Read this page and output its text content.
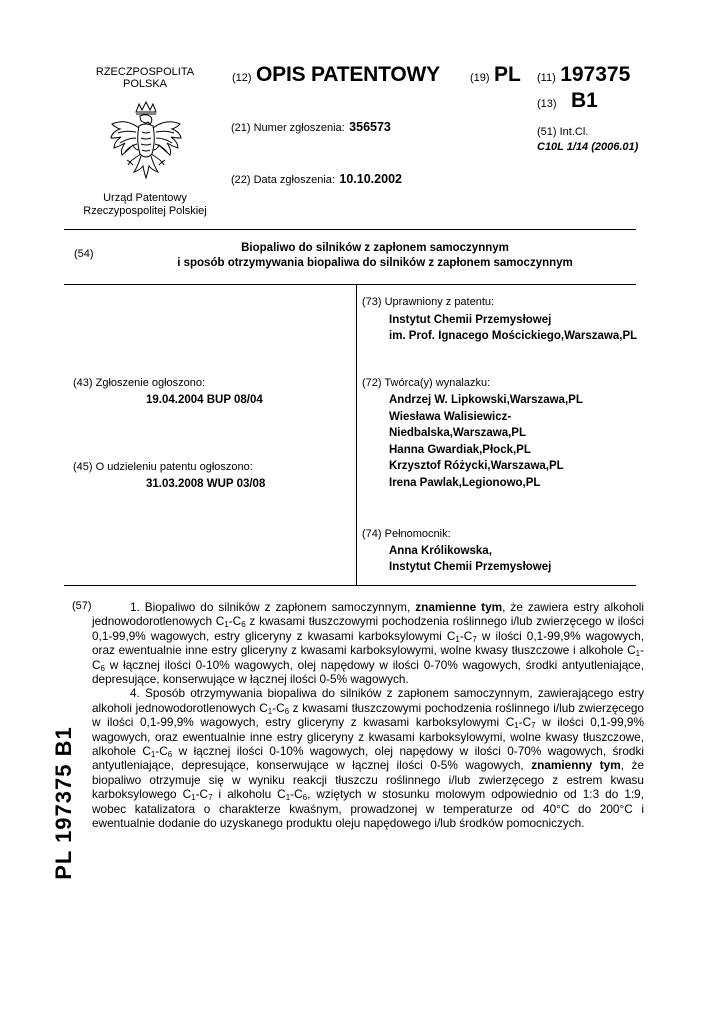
RZECZPOSPOLITA
POLSKA
Urząd Patentowy
Rzeczypospolitej Polskiej
(12) OPIS PATENTOWY	(19) PL (11) 197375
(13) B1
(21) Numer zgłoszenia: 356573	(51) Int.Cl.
C10L 1/14 (2006.01)
(22) Data zgłoszenia: 10.10.2002
(54)	Biopaliwo do silników z zapłonem samoczynnym
i sposób otrzymywania biopaliwa do silników z zapłonem samoczynnym
(43) Zgłoszenie ogłoszono:
19.04.2004 BUP 08/04
(45) O udzieleniu patentu ogłoszono:
31.03.2008 WUP 03/08
(73) Uprawniony z patentu:
Instytut Chemii Przemysłowej
im. Prof. Ignacego Mościckiego,Warszawa,PL
(72) Twórca(y) wynalazku:
Andrzej W. Lipkowski,Warszawa,PL
Wiesława Walisiewicz-
Niedbalska,Warszawa,PL
Hanna Gwardiak,Płock,PL
Krzysztof Różycki,Warszawa,PL
Irena Pawlak,Legionowo,PL
(74) Pełnomocnik:
Anna Królikowska,
Instytut Chemii Przemysłowej
(57)	1. Biopaliwo do silników z zapłonem samoczynnym, znamienne tym, że zawiera estry alkoholi jednowodorotlenowych $C_1-C_6$ z kwasami tłuszczowymi pochodzenia roślinnego i/lub zwierzęcego w ilości 0,1-99,9% wagowych, estry gliceryny z kwasami karboksylowymi $C_1-C_7$ w ilości 0,1-99,9% wagowych, oraz ewentualnie inne estry gliceryny z kwasami karboksylowymi, wolne kwasy tłuszczowe i alkohole $C_1-C_6$ w łącznej ilości 0-10% wagowych, olej napędowy w ilości 0-70% wagowych, środki antyutleniające, depresujące, konserwujące w łącznej ilości 0-5% wagowych.

4. Sposób otrzymywania biopaliwa do silników z zapłonem samoczynnym, zawierającego estry alkoholi jednowodorotlenowych $C_1-C_6$ z kwasami tłuszczowymi pochodzenia roślinnego i/lub zwierzęcego w ilości 0,1-99,9% wagowych, estry gliceryny z kwasami karboksylowymi $C_1-C_7$ w ilości 0,1-99,9% wagowych, oraz ewentualnie inne estry gliceryny z kwasami karboksylowymi, wolne kwasy tłuszczowe, alkohole $C_1-C_6$ w łącznej ilości 0-10% wagowych, olej napędowy w ilości 0-70% wagowych, środki antyutleniające, depresujące, konserwujące w łącznej ilości 0-5% wagowych, znamienny tym, że biopaliwo otrzymuje się w wyniku reakcji tłuszczu roślinnego i/lub zwierzęcego z estrem kwasu karboksylowego $C_1-C_7$ i alkoholu $C_1-C_6$, wziętych w stosunku molowym odpowiednio od 1:3 do 1:9, wobec katalizatora o charakterze kwaśnym, prowadzonej w temperaturze od 40°C do 200°C i ewentualnie dodanie do uzyskanego produktu oleju napędowego i/lub środków pomocniczych.

PL 197375 B1
